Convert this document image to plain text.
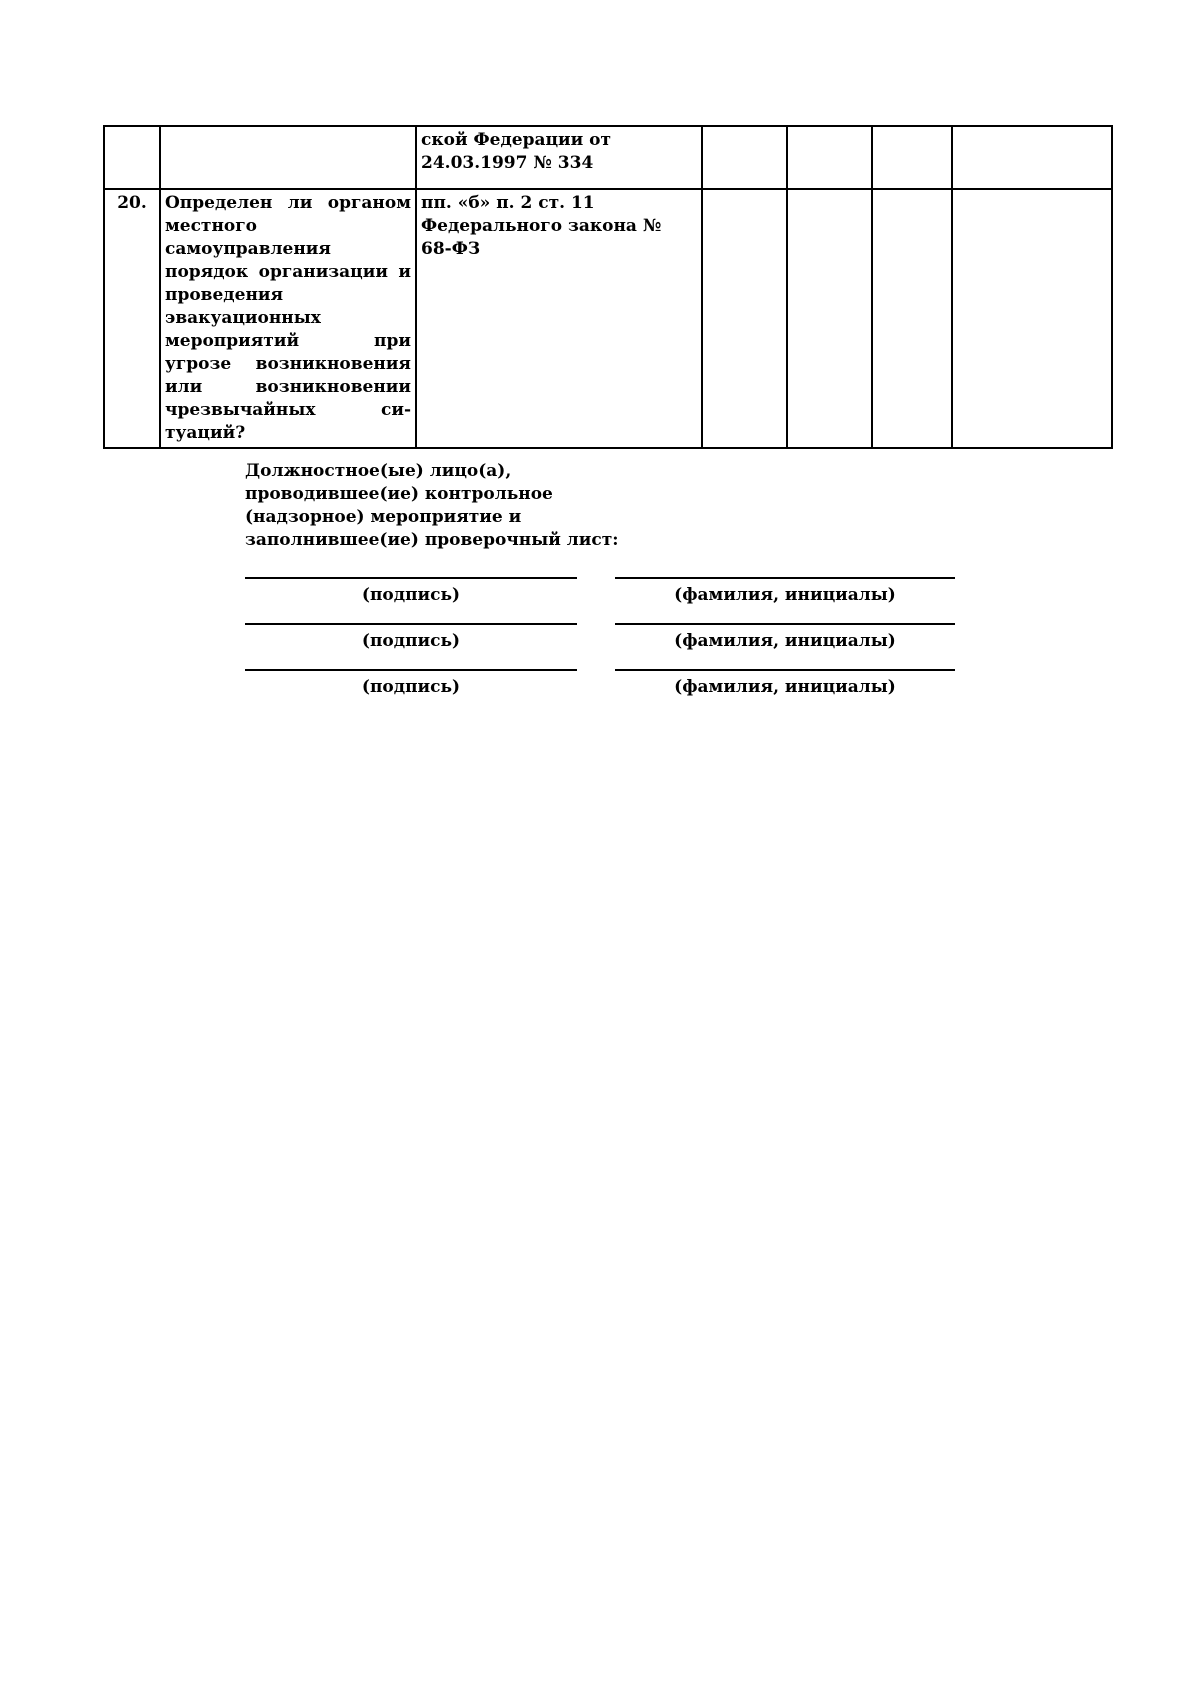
		ской Федерации от 24.03.1997 № 334				
20.	Определен ли органом местного самоуправления порядок организации и проведения эвакуационных мероприятий при угрозе возникновения или возникновении чрезвычайных ситуаций?	пп. «б» п. 2 ст. 11 Федерального закона № 68-ФЗ				
Должностное(ые) лицо(а),
проводившее(ие) контрольное
(надзорное) мероприятие и
заполнившее(ие) проверочный лист:
(подпись)	(фамилия, инициалы)
(подпись)	(фамилия, инициалы)
(подпись)	(фамилия, инициалы)
